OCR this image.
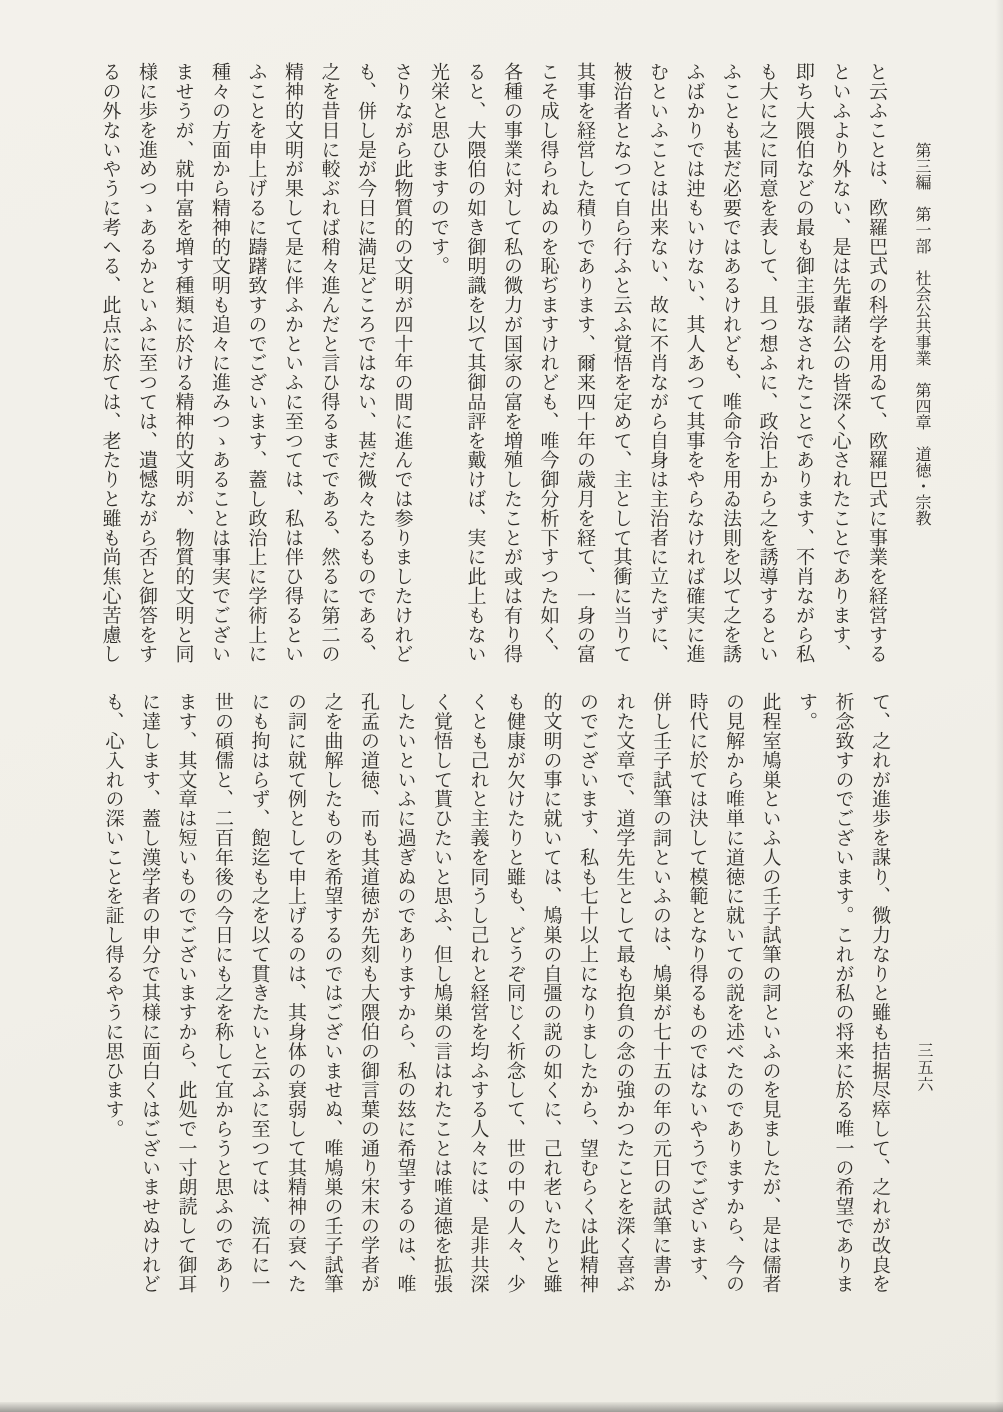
第三編　第一部　社会公共事業　第四章　道徳・宗教
と云ふことは、欧羅巴式の科学を用ゐて、欧羅巴式に事業を経営する
といふより外ない、是は先輩諸公の皆深く心されたことであります、
即ち大隈伯などの最も御主張なされたことであります、不肖ながら私
も大に之に同意を表して、且つ想ふに、政治上から之を誘導するとい
ふことも甚だ必要ではあるけれども、唯命令を用ゐ法則を以て之を誘
ふばかりでは迚もいけない、其人あつて其事をやらなければ確実に進
むといふことは出来ない、故に不肖ながら自身は主治者に立たずに、
被治者となつて自ら行ふと云ふ覚悟を定めて、主として其衝に当りて
其事を経営した積りであります、爾来四十年の歳月を経て、一身の富
こそ成し得られぬのを恥ぢますけれども、唯今御分析下すつた如く、
各種の事業に対して私の微力が国家の富を増殖したことが或は有り得
ると、大隈伯の如き御明識を以て其御品評を戴けば、実に此上もない
光栄と思ひますのです。
さりながら此物質的の文明が四十年の間に進んでは参りましたけれど
も、併し是が今日に満足どころではない、甚だ微々たるものである、
之を昔日に較ぶれば稍々進んだと言ひ得るまでである、然るに第二の
精神的文明が果して是に伴ふかといふに至つては、私は伴ひ得るとい
ふことを申上げるに躊躇致すのでございます、蓋し政治上に学術上に
種々の方面から精神的文明も追々に進みつゝあることは事実でござい
ませうが、就中富を増す種類に於ける精神的文明が、物質的文明と同
様に歩を進めつゝあるかといふに至つては、遺憾ながら否と御答をす
るの外ないやうに考へる、此点に於ては、老たりと雖も尚焦心苦慮し
三五六
て、之れが進歩を謀り、微力なりと雖も拮据尽瘁して、之れが改良を
祈念致すのでございます。これが私の将来に於る唯一の希望でありま
す。
此程室鳩巣といふ人の壬子試筆の詞といふのを見ましたが、是は儒者
の見解から唯単に道徳に就いての説を述べたのでありますから、今の
時代に於ては決して模範となり得るものではないやうでございます、
併し壬子試筆の詞といふのは、鳩巣が七十五の年の元日の試筆に書か
れた文章で、道学先生として最も抱負の念の強かつたことを深く喜ぶ
のでございます、私も七十以上になりましたから、望むらくは此精神
的文明の事に就いては、鳩巣の自彊の説の如くに、己れ老いたりと雖
も健康が欠けたりと雖も、どうぞ同じく祈念して、世の中の人々、少
くとも己れと主義を同うし己れと経営を均ふする人々には、是非共深
く覚悟して貰ひたいと思ふ、但し鳩巣の言はれたことは唯道徳を拡張
したいといふに過ぎぬのでありますから、私の玆に希望するのは、唯
孔孟の道徳、而も其道徳が先刻も大隈伯の御言葉の通り宋末の学者が
之を曲解したものを希望するのではございませぬ、唯鳩巣の壬子試筆
の詞に就て例として申上げるのは、其身体の衰弱して其精神の衰へた
にも拘はらず、飽迄も之を以て貫きたいと云ふに至つては、流石に一
世の碩儒と、二百年後の今日にも之を称して宜からうと思ふのであり
ます、其文章は短いものでございますから、此処で一寸朗読して御耳
に達します、蓋し漢学者の申分で其様に面白くはございませぬけれど
も、心入れの深いことを証し得るやうに思ひます。
